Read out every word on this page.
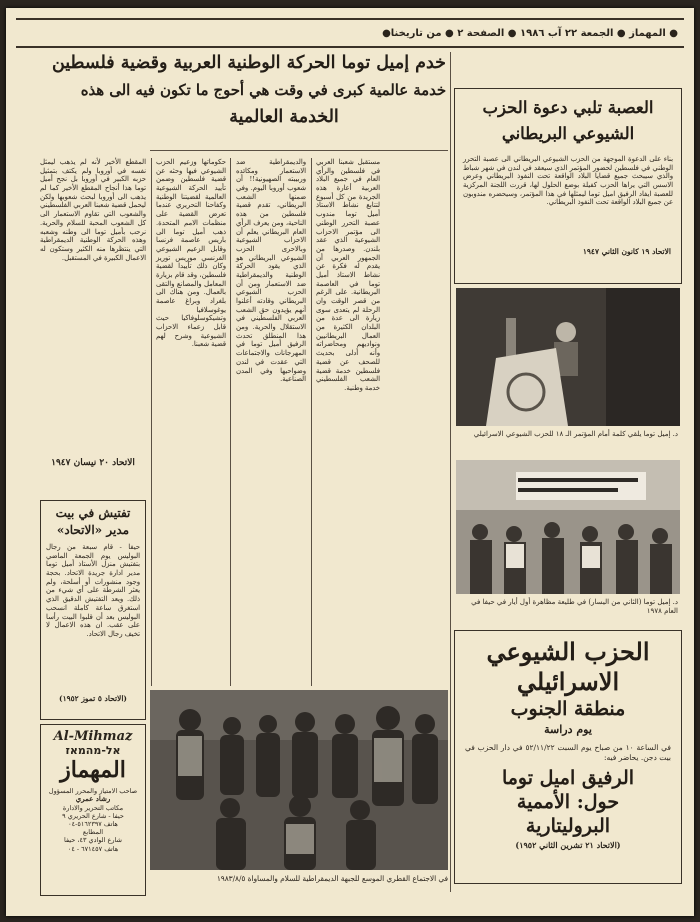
● المهماز ● الجمعة ٢٢ آب ١٩٨٦ ● الصفحة ٢ ● من تاريخنا●
خدم إميل توما الحركة الوطنية العربية وقضية فلسطين
خدمة عالمية كبرى في وقت هي أحوج ما تكون فيه الى هذه
الخدمة العالمية

مستقبل شعبنا العربي في فلسطين والرأي العام في جميع البلاد العربية أعارة هذه الجريدة من كل أسبوع لتتابع نشاط الاستاذ أميل توما مندوب عصبة التحرر الوطني الى مؤتمر الاحزاب الشيوعية الذي عقد بلندن. وصدرها من الجمهور العربي أن يقدم له فكرة عن نشاط الاستاذ أميل توما في العاصمة البريطانية. على الرغم من قصر الوقت وان الرحلة لم يتعدى سوى زيارة الى عدة من البلدان الكثيرة من العمال البريطانيين ونواديهم ومحاضراته وأنه أدلى بحديث للصحف عن قضية فلسطين خدمة قضية الشعب الفلسطيني خدمة وطنية.

والديمقراطية ضد الاستعمار ومكائده وربيبته الصهيونية!! أن شعوب أوروبا اليوم. وفي ضمنها الشعب البريطاني، تقدم قضية فلسطين من هذه الناحية، ومن يعرف الرأي العام البريطاني يعلم أن الاحزاب الشيوعية وبالاحرى الحزب الشيوعي البريطاني هو الذي يقود الحركة الوطنية والديمقراطية ضد الاستعمار ومن أن الحزب الشيوعي البريطاني وقادته أعلنوا أنهم يؤيدون حق الشعب العربي الفلسطيني في الاستقلال والحرية. ومن هذا المنطلق تحدث الرفيق أميل توما في المهرجانات والاجتماعات التي عقدت في لندن وضواحيها وفي المدن الصناعية.

حكوماتها وزعيم الحزب الشيوعي فيها وحثه عن قضية فلسطين وضمن تأييد الحركة الشيوعية العالمية لقضيتنا الوطنية وكفاحنا التحريري عندما تعرض القضية على منظمات الامم المتحدة. ذهب أميل توما الى باريس عاصمة فرنسا وقابل الزعيم الشيوعي الفرنسي موريس توريز وكان ذلك تأييدا لقضية فلسطين، وقد قام بزيارة المعامل والمصانع والتقى بالعمال. ومن هناك الى بلغراد وبراغ عاصمة يوغوسلافيا وتشيكوسلوفاكيا حيث قابل زعماء الاحزاب الشيوعية وشرح لهم قضية شعبنا.

المقطع الأخير لأنه لم يذهب ليمثل نفسه في أوروبا ولم يكتف بتمثيل حزبه الكبير في أوروبا بل نجح أميل توما هذا أنجاح المقطع الأخير كما لم يذهب الى أوروبا لبحث شعوبها ولكن ليحمل قضية شعبنا العربي الفلسطيني والشعوب التي تقاوم الاستعمار الى كل الشعوب المحبة للسلام والحرية. نرحب بأميل توما الى وطنه وشعبه وهذه الحركة الوطنية الديمقراطية التي ينتظرها منه الكثير وستكون له الاعمال الكبيرة في المستقبل.

الاتحاد ٢٠ نيسان ١٩٤٧
تفتيش في بيت
مدير «الاتحاد»

حيفا - قام سبعة من رجال البوليس يوم الجمعة الماضي بتفتيش منزل الأستاذ أميل توما مدير ادارة جريدة الاتحاد. بحجة وجود منشورات أو أسلحة، ولم يعثر الشرطة على أي شيء من ذلك. ويعد التفتيش الدقيق الذي استغرق ساعة كاملة انسحب البوليس بعد أن قلبوا البيت رأسا على عقب. ان هذه الاعمال لا تخيف رجال الاتحاد.

(الاتحاد ٥ تموز ١٩٥٢)
Al-Mihmaz
אל-מהמאז
المهماز
صاحب الامتياز والمحرر المسؤول
رشاد عمري
مكاتب التحرير والادارة
حيفا - شارع الحريري ٩
هاتف ٥١٦٢٣٩٧-٠٤
المطابع
شارع الوادي ٤٣، حيفا
هاتف ٦٧١٤٥٧ - ٠٤
في الاجتماع القطري الموسع للجبهة الديمقراطية للسلام والمساواة ١٩٨٣/٨/٥
العصبة تلبي دعوة الحزب الشيوعي البريطاني

بناء على الدعوة الموجهة من الحزب الشيوعي البريطاني الى عصبة التحرر الوطني في فلسطين لحضور المؤتمر الذي سيعقد في لندن في شهر شباط والذي سيبحث جميع قضايا البلاد الواقعة تحت النفوذ البريطاني وعرض الاسس التي يراها الحزب كفيلة بوضع الحلول لها، قررت اللجنة المركزية للعصبة ايفاد الرفيق اميل توما ليمثلها في هذا المؤتمر، وسيحضره مندوبون عن جميع البلاد الواقعة تحت النفوذ البريطاني.

الاتحاد ١٩ كانون الثاني ١٩٤٧
د. إميل توما يلقي كلمة أمام المؤتمر الـ ١٨ للحزب الشيوعي الاسرائيلي
د. إميل توما (الثاني من اليسار) في طليعة مظاهرة أول أيار في حيفا في العام ١٩٧٨
الحزب الشيوعي
الاسرائيلي
منطقة الجنوب
يوم دراسة

في الساعة ١٠ من صباح يوم السبت ٥٢/١١/٢٢ في دار الحزب في بيت دجن. يحاضر فيه:

الرفيق اميل توما
حول: الأممية
البروليتارية
(الاتحاد ٢١ تشرين الثاني ١٩٥٢)
